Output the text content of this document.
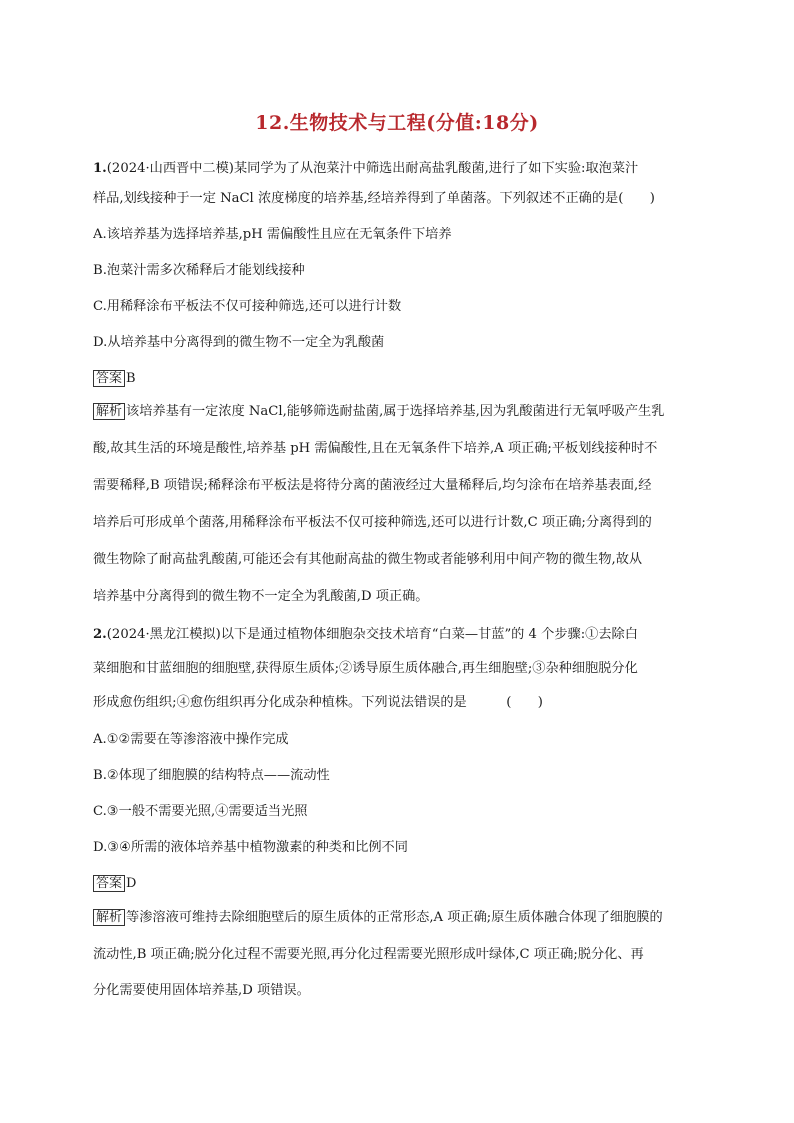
12.生物技术与工程(分值:18分)
1.(2024·山西晋中二模)某同学为了从泡菜汁中筛选出耐高盐乳酸菌,进行了如下实验:取泡菜汁
样品,划线接种于一定 NaCl 浓度梯度的培养基,经培养得到了单菌落。下列叙述不正确的是(　　)
A.该培养基为选择培养基,pH 需偏酸性且应在无氧条件下培养
B.泡菜汁需多次稀释后才能划线接种
C.用稀释涂布平板法不仅可接种筛选,还可以进行计数
D.从培养基中分离得到的微生物不一定全为乳酸菌
答案 B
解析 该培养基有一定浓度 NaCl,能够筛选耐盐菌,属于选择培养基,因为乳酸菌进行无氧呼吸产生乳
酸,故其生活的环境是酸性,培养基 pH 需偏酸性,且在无氧条件下培养,A 项正确;平板划线接种时不
需要稀释,B 项错误;稀释涂布平板法是将待分离的菌液经过大量稀释后,均匀涂布在培养基表面,经
培养后可形成单个菌落,用稀释涂布平板法不仅可接种筛选,还可以进行计数,C 项正确;分离得到的
微生物除了耐高盐乳酸菌,可能还会有其他耐高盐的微生物或者能够利用中间产物的微生物,故从
培养基中分离得到的微生物不一定全为乳酸菌,D 项正确。
2.(2024·黑龙江模拟)以下是通过植物体细胞杂交技术培育“白菜—甘蓝”的 4 个步骤:①去除白
菜细胞和甘蓝细胞的细胞壁,获得原生质体;②诱导原生质体融合,再生细胞壁;③杂种细胞脱分化
形成愈伤组织;④愈伤组织再分化成杂种植株。下列说法错误的是　　　(　　)
A.①②需要在等渗溶液中操作完成
B.②体现了细胞膜的结构特点——流动性
C.③一般不需要光照,④需要适当光照
D.③④所需的液体培养基中植物激素的种类和比例不同
答案 D
解析 等渗溶液可维持去除细胞壁后的原生质体的正常形态,A 项正确;原生质体融合体现了细胞膜的
流动性,B 项正确;脱分化过程不需要光照,再分化过程需要光照形成叶绿体,C 项正确;脱分化、再
分化需要使用固体培养基,D 项错误。
